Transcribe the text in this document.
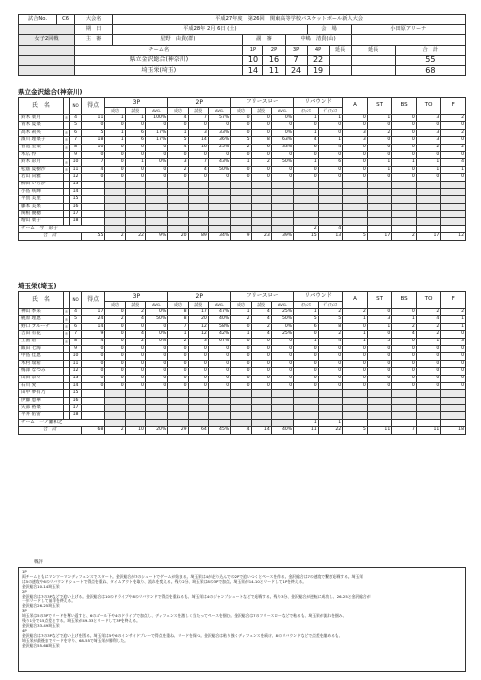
試合No.	C6	大会名	平成27年度　第26回　関東高等学校バスケットボール新人大会							
		期　日	平成28年 2月 6日 (土)				会　場		小田原アリーナ	
女子2回戦		主　審	星野　由貴(群)	副　審		中嶋　清貴(山)				
		チーム名		1P	2P	3P	4P	延長	延長	合　計
		県立金沢総合(神奈川)		10	16	7	22			55
		埼玉栄(埼玉)		14	11	24	19			68
県立金沢総合(神奈川)
氏　名		NO	得点	3P			2P			フリースロー			リバウンド		A	ST	BS	TO	F
				成功	試投	AVG.	成功	試投	AVG.	成功	試投	AVG.	ｵﾌｪﾝｽ	ﾃﾞｨﾌｪﾝｽ					
鈴木 菜月	＊	4	11	1	1	100%	4	7	57%	0	0	0%	1	1	0	1	0	3	2
青木 夏菜		5	0	0	0	0	0	0	0	0	0	0	0	0	0	0	0	0	0
高木 莉央	＊	6	5	1	6	17%	1	3	33%	0	0	0%	1	0	3	2	0	3	2
濱川 理菜子	＊	7	18	1	6	17%	5	14	36%	5	8	63%	4	1	3	0	0	3	0
菅池 里菜	＊	8	10	0	0	0	4	16	25%	2	6	33%	6	4	0	0	0	2	2
木広 怜		9	0	0	0	0	0	0	0	0	0	0	0	0	0	0	0	0	0
鈴木 彩月	＊	10	7	0	1	0%	3	7	43%	1	2	50%	1	6	0	1	1	1	4
松蔭 夏樹沙	＊	11	4	0	0	0	2	4	50%	0	0	0	0	0	0	1	0	1	1
若山 向雅		12	0	0	0	0	0	0	0	0	0	0	0	0	0	0	0	0	0
柳田 いちか		13																	
小島 咲輝		14																	
平賀 美里		15																	
藤本 美果		16																	
関根 優穂		17																	
増山 菜子		18																	
チーム　 今　彩子													2	4					
合　計			55	2	22	9%	20	89	34%	9	23	39%	15	13	5	17	2	17	12
埼玉栄(埼玉)
氏　名		NO	得点	3P			2P			フリースロー			リバウンド		A	ST	BS	TO	F
				成功	試投	AVG.	成功	試投	AVG.	成功	試投	AVG.	ｵﾌｪﾝｽ	ﾃﾞｨﾌｪﾝｽ					
神山 季来	＊	4	17	0	2	0%	8	17	47%	1	4	25%	1	2	2	0	0	2	2
梶原 理恵	＊	5	24	2	4	50%	8	20	40%	2	4	50%	5	5	1	3	1	4	1
野口 ブルーナ	＊	6	14	0	0	0	7	12	58%	0	2	0%	6	8	0	1	2	2	1
吉田 有花	＊	7	9	0	4	0%	1	12	42%	1	4	25%	0	2	1	0	4	2	0
上園 碧	＊	8	4	0	2	0%	2	3	67%	0	0	0	1	4	1	5	0	1	3
飯田 七海		9	0	0	0	0	0	0	0	0	0	0	0	0	0	0	0	0	0
中島 佳恵		10	0	0	0	0	0	0	0	0	0	0	0	0	0	0	0	0	0
木村 瑞希		11	0	0	0	0	0	0	0	0	0	0	0	0	0	0	0	0	0
梅澤 なつみ		12	0	0	0	0	0	0	0	0	0	0	0	0	0	0	0	0	0
山田 奈々		13	0	0	0	0	0	0	0	0	0	0	0	0	0	0	0	0	0
石川 愛		14	0	0	0	0	0	0	0	0	0	0	0	0	0	0	0	0	0
田中 夢有乃		15																	
伊藤 恵華		16																	
矢部 裕菜		17																	
平井 佑宙		18																	
チーム　 一ノ瀬和之													1	1					
合　計			68	2	10	20%	29	64	45%	4	14	40%	11	22	5	11	7	11	18
戦評
1P
両チームともにマンツーマンディフェンスでスタート。金沢総合が7のシュートでゲームが始まる。埼玉栄は4が走り込んでの2Pで追いつくとペースを作る。金沢総合は7の速攻で繋ぎ応戦する。埼玉栄
は5の速攻や6のリバウンドシュートで得点を重ね、タイムアウトを取り、流れを変える。残り2分、埼玉栄は8の3Pで加点。埼玉栄が14-10とリードして1Pを終える。
金沢総合10-14埼玉栄
2P
金沢総合は7の3Pなどで追い上げる。金沢総合は10のドライブや8のリバウンドで得点を重ねるも、埼玉栄は4のジャンプシュートなどで応戦する。残り3分、金沢総合が逆転に成功し、26-25と金沢総合が
一歩リードして前半を終える。
金沢総合26-25埼玉栄
3P
埼玉栄は5の3Pでリードを奪い返すと、6のゴール下や4のドライブで加点し、ディフェンスを激しく当たってペースを掴む。金沢総合は7のフリースローなどで粘るも、埼玉栄が流れを掴み、
残り1分で15点差とする。埼玉栄が49-33とリードして3Pを終える。
金沢総合33-49埼玉栄
4P
金沢総合は7の3Pなどで追い上げを図る。埼玉栄は5や6のインサイドプレーで得点を重ね、リードを保つ。金沢総合は粘り強くディフェンスを続け、8のリバウンドなどで点差を縮めるも、
埼玉栄が最後までリードを守り、68-55で埼玉栄が勝利した。
金沢総合55-68埼玉栄
